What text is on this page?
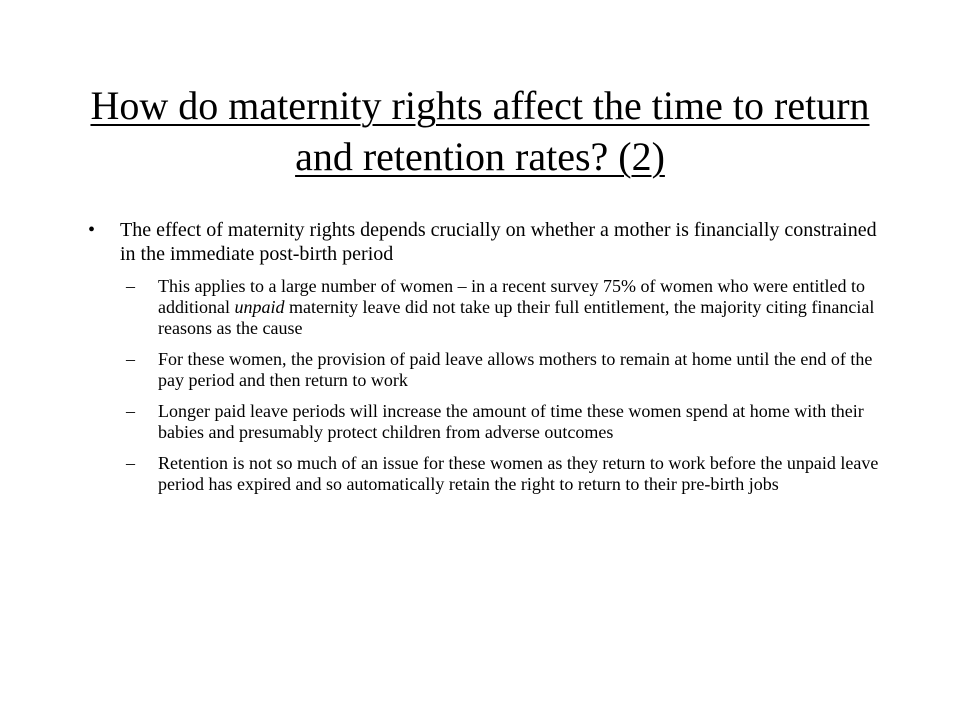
How do maternity rights affect the time to return and retention rates? (2)
• The effect of maternity rights depends crucially on whether a mother is financially constrained in the immediate post-birth period
– This applies to a large number of women – in a recent survey 75% of women who were entitled to additional unpaid maternity leave did not take up their full entitlement, the majority citing financial reasons as the cause
– For these women, the provision of paid leave allows mothers to remain at home until the end of the pay period and then return to work
– Longer paid leave periods will increase the amount of time these women spend at home with their babies and presumably protect children from adverse outcomes
– Retention is not so much of an issue for these women as they return to work before the unpaid leave period has expired and so automatically retain the right to return to their pre-birth jobs
